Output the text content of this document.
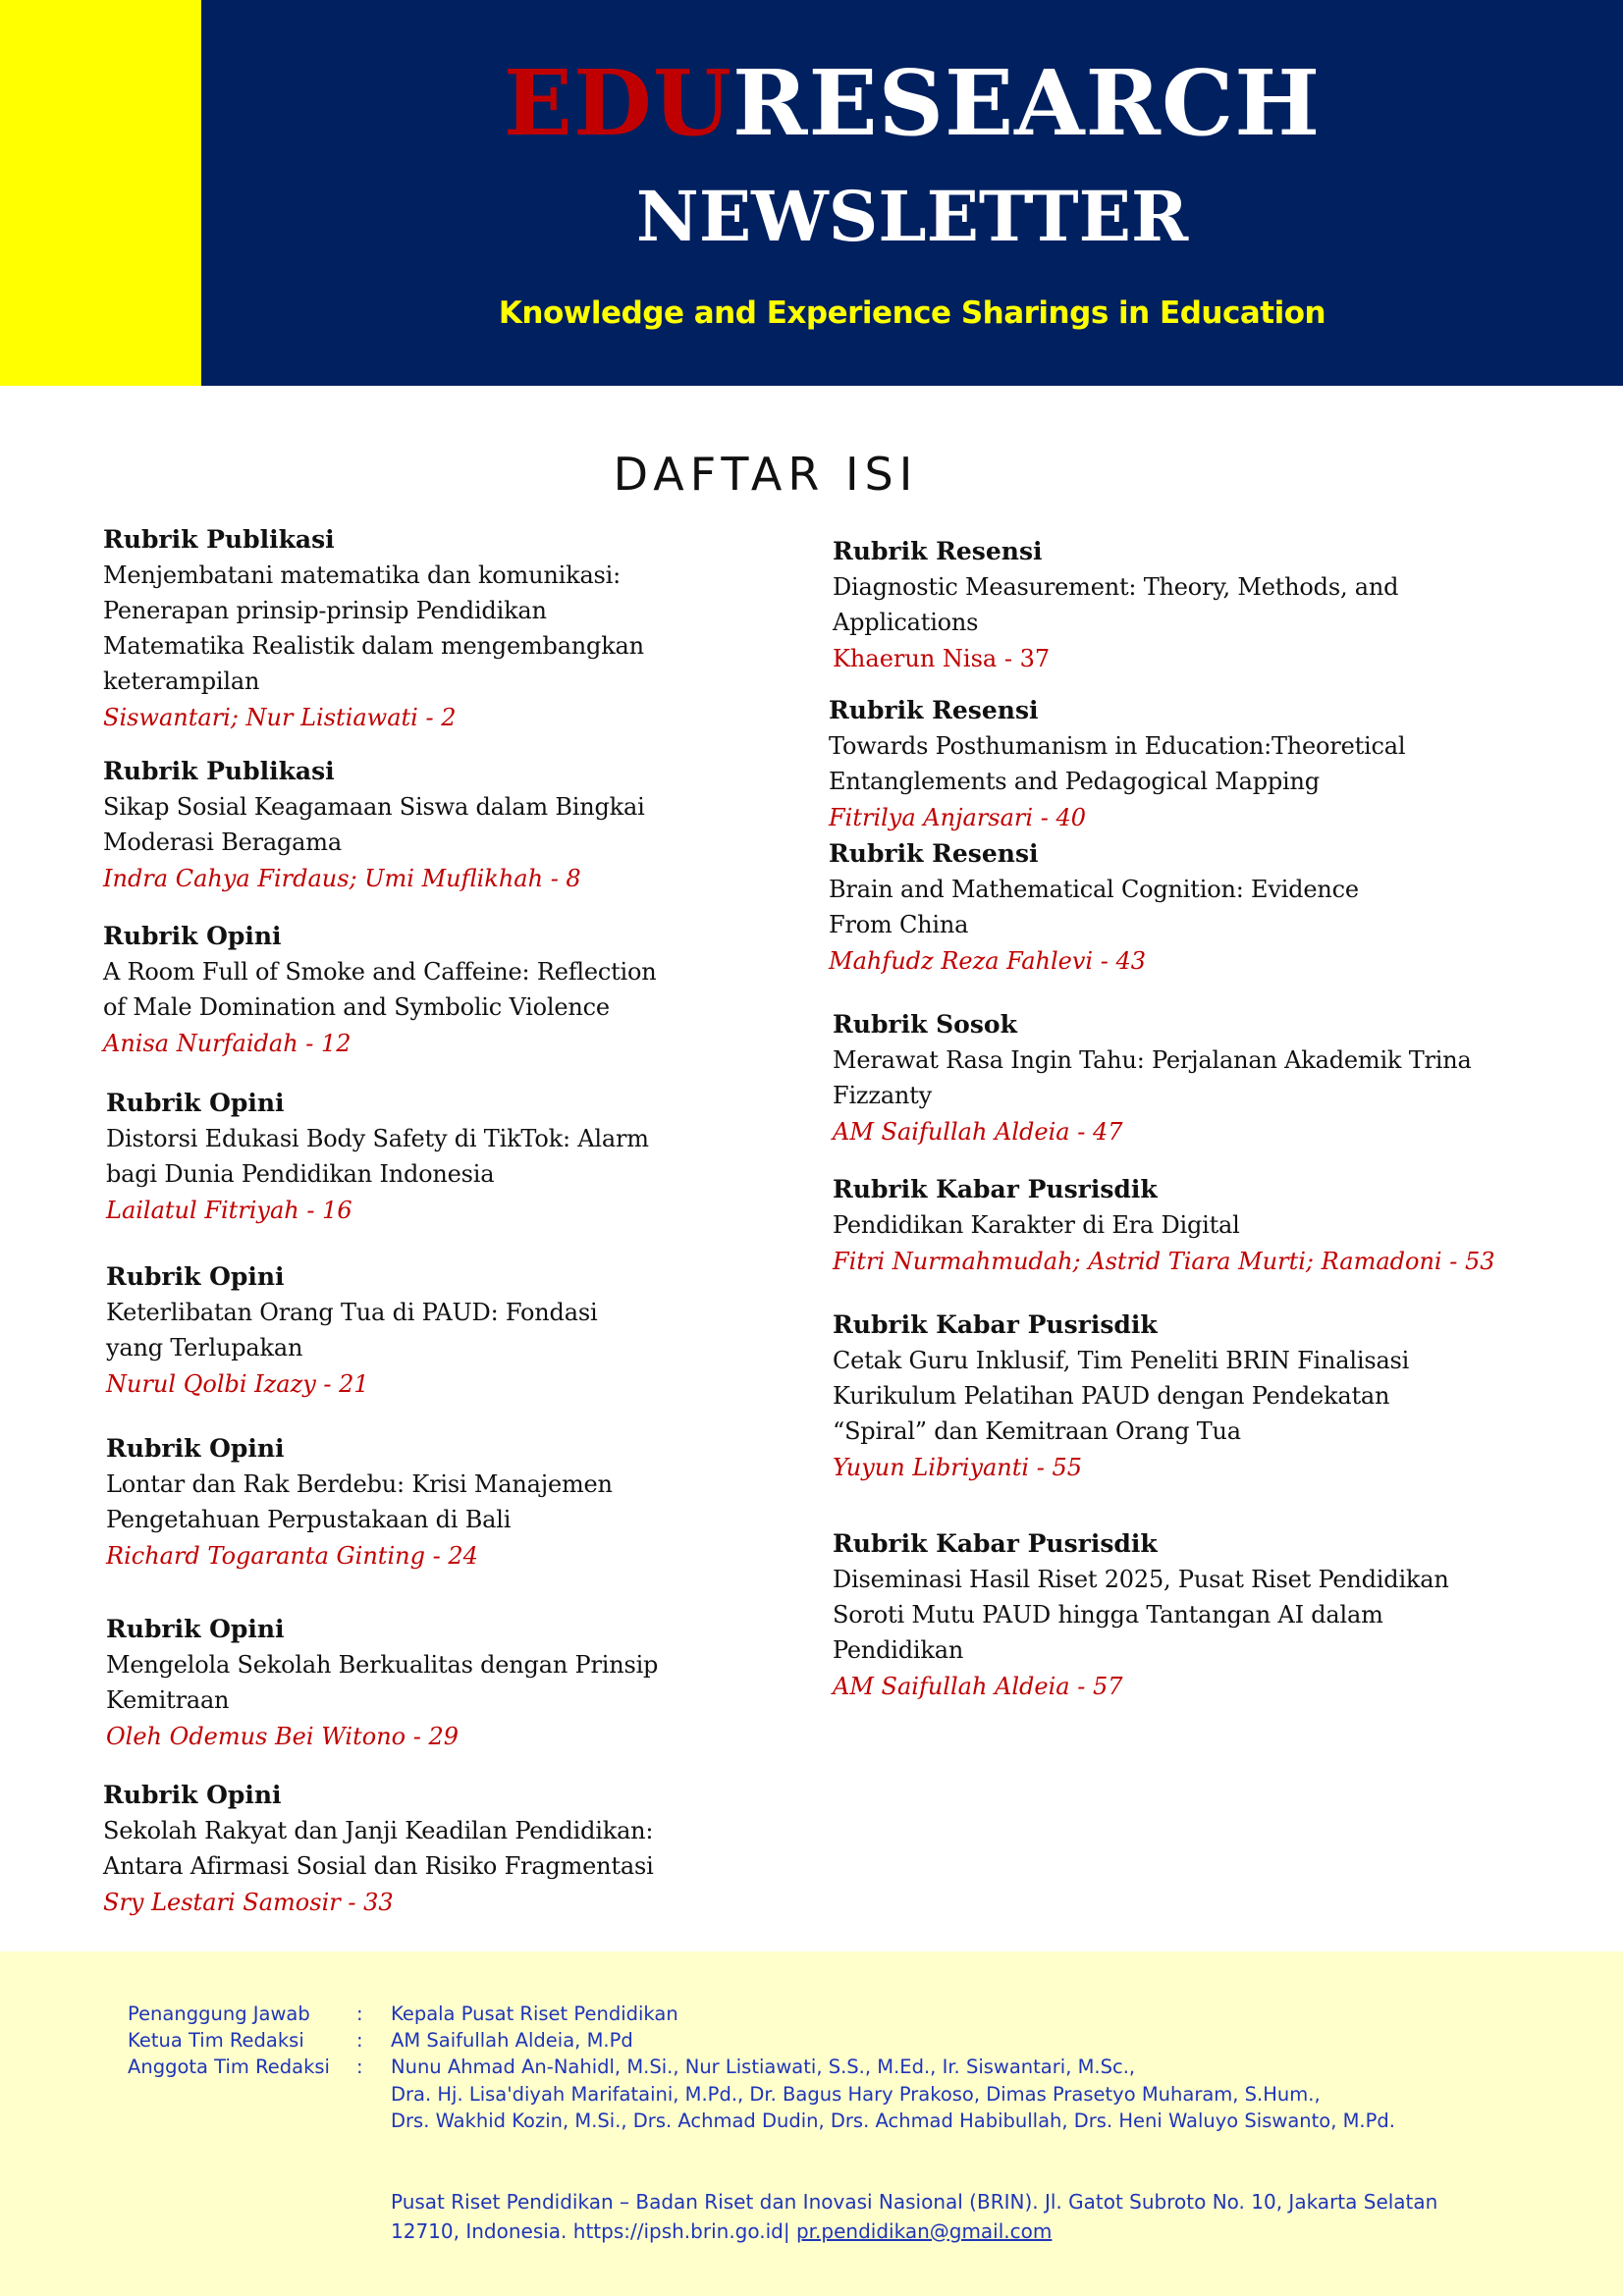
EDURESEARCH
NEWSLETTER
Knowledge and Experience Sharings in Education
DAFTAR ISI
Rubrik Publikasi
Menjembatani matematika dan komunikasi:
Penerapan prinsip-prinsip Pendidikan
Matematika Realistik dalam mengembangkan
keterampilan
Siswantari; Nur Listiawati - 2
Rubrik Publikasi
Sikap Sosial Keagamaan Siswa dalam Bingkai
Moderasi Beragama
Indra Cahya Firdaus; Umi Muflikhah - 8
Rubrik Opini
A Room Full of Smoke and Caffeine: Reflection
of Male Domination and Symbolic Violence
Anisa Nurfaidah - 12
Rubrik Opini
Distorsi Edukasi Body Safety di TikTok: Alarm
bagi Dunia Pendidikan Indonesia
Lailatul Fitriyah - 16
Rubrik Opini
Keterlibatan Orang Tua di PAUD: Fondasi
yang Terlupakan
Nurul Qolbi Izazy - 21
Rubrik Opini
Lontar dan Rak Berdebu: Krisi Manajemen
Pengetahuan Perpustakaan di Bali
Richard Togaranta Ginting - 24
Rubrik Opini
Mengelola Sekolah Berkualitas dengan Prinsip
Kemitraan
Oleh Odemus Bei Witono - 29
Rubrik Opini
Sekolah Rakyat dan Janji Keadilan Pendidikan:
Antara Afirmasi Sosial dan Risiko Fragmentasi
Sry Lestari Samosir - 33
Rubrik Resensi
Diagnostic Measurement: Theory, Methods, and
Applications
Khaerun Nisa - 37
Rubrik Resensi
Towards Posthumanism in Education:Theoretical
Entanglements and Pedagogical Mapping
Fitrilya Anjarsari - 40
Rubrik Resensi
Brain and Mathematical Cognition: Evidence
From China
Mahfudz Reza Fahlevi - 43
Rubrik Sosok
Merawat Rasa Ingin Tahu: Perjalanan Akademik Trina
Fizzanty
AM Saifullah Aldeia - 47
Rubrik Kabar Pusrisdik
Pendidikan Karakter di Era Digital
Fitri Nurmahmudah; Astrid Tiara Murti; Ramadoni - 53
Rubrik Kabar Pusrisdik
Cetak Guru Inklusif, Tim Peneliti BRIN Finalisasi
Kurikulum Pelatihan PAUD dengan Pendekatan
“Spiral” dan Kemitraan Orang Tua
Yuyun Libriyanti - 55
Rubrik Kabar Pusrisdik
Diseminasi Hasil Riset 2025, Pusat Riset Pendidikan
Soroti Mutu PAUD hingga Tantangan AI dalam
Pendidikan
AM Saifullah Aldeia - 57
Penanggung Jawab	: Kepala Pusat Riset Pendidikan
Ketua Tim Redaksi	: AM Saifullah Aldeia, M.Pd
Anggota Tim Redaksi : Nunu Ahmad An-Nahidl, M.Si., Nur Listiawati, S.S., M.Ed., Ir. Siswantari, M.Sc.,
Dra. Hj. Lisa'diyah Marifataini, M.Pd., Dr. Bagus Hary Prakoso, Dimas Prasetyo Muharam, S.Hum.,
Drs. Wakhid Kozin, M.Si., Drs. Achmad Dudin, Drs. Achmad Habibullah, Drs. Heni Waluyo Siswanto, M.Pd.
Pusat Riset Pendidikan – Badan Riset dan Inovasi Nasional (BRIN). Jl. Gatot Subroto No. 10, Jakarta Selatan
12710, Indonesia. https://ipsh.brin.go.id| pr.pendidikan@gmail.com
